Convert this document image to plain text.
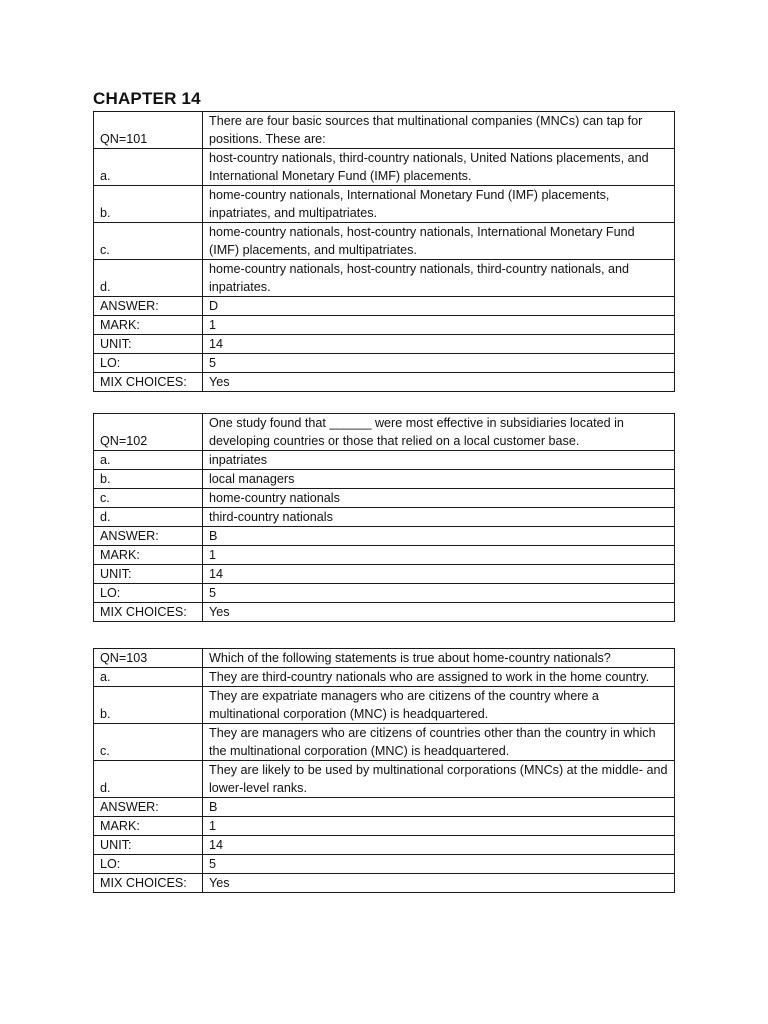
CHAPTER 14
QN=101	There are four basic sources that multinational companies (MNCs) can tap for positions. These are:
a.	host-country nationals, third-country nationals, United Nations placements, and International Monetary Fund (IMF) placements.
b.	home-country nationals, International Monetary Fund (IMF) placements, inpatriates, and multipatriates.
c.	home-country nationals, host-country nationals, International Monetary Fund (IMF) placements, and multipatriates.
d.	home-country nationals, host-country nationals, third-country nationals, and inpatriates.
ANSWER:	D
MARK:	1
UNIT:	14
LO:	5
MIX CHOICES:	Yes
QN=102	One study found that ______ were most effective in subsidiaries located in developing countries or those that relied on a local customer base.
a.	inpatriates
b.	local managers
c.	home-country nationals
d.	third-country nationals
ANSWER:	B
MARK:	1
UNIT:	14
LO:	5
MIX CHOICES:	Yes
QN=103	Which of the following statements is true about home-country nationals?
a.	They are third-country nationals who are assigned to work in the home country.
b.	They are expatriate managers who are citizens of the country where a multinational corporation (MNC) is headquartered.
c.	They are managers who are citizens of countries other than the country in which the multinational corporation (MNC) is headquartered.
d.	They are likely to be used by multinational corporations (MNCs) at the middle- and lower-level ranks.
ANSWER:	B
MARK:	1
UNIT:	14
LO:	5
MIX CHOICES:	Yes
